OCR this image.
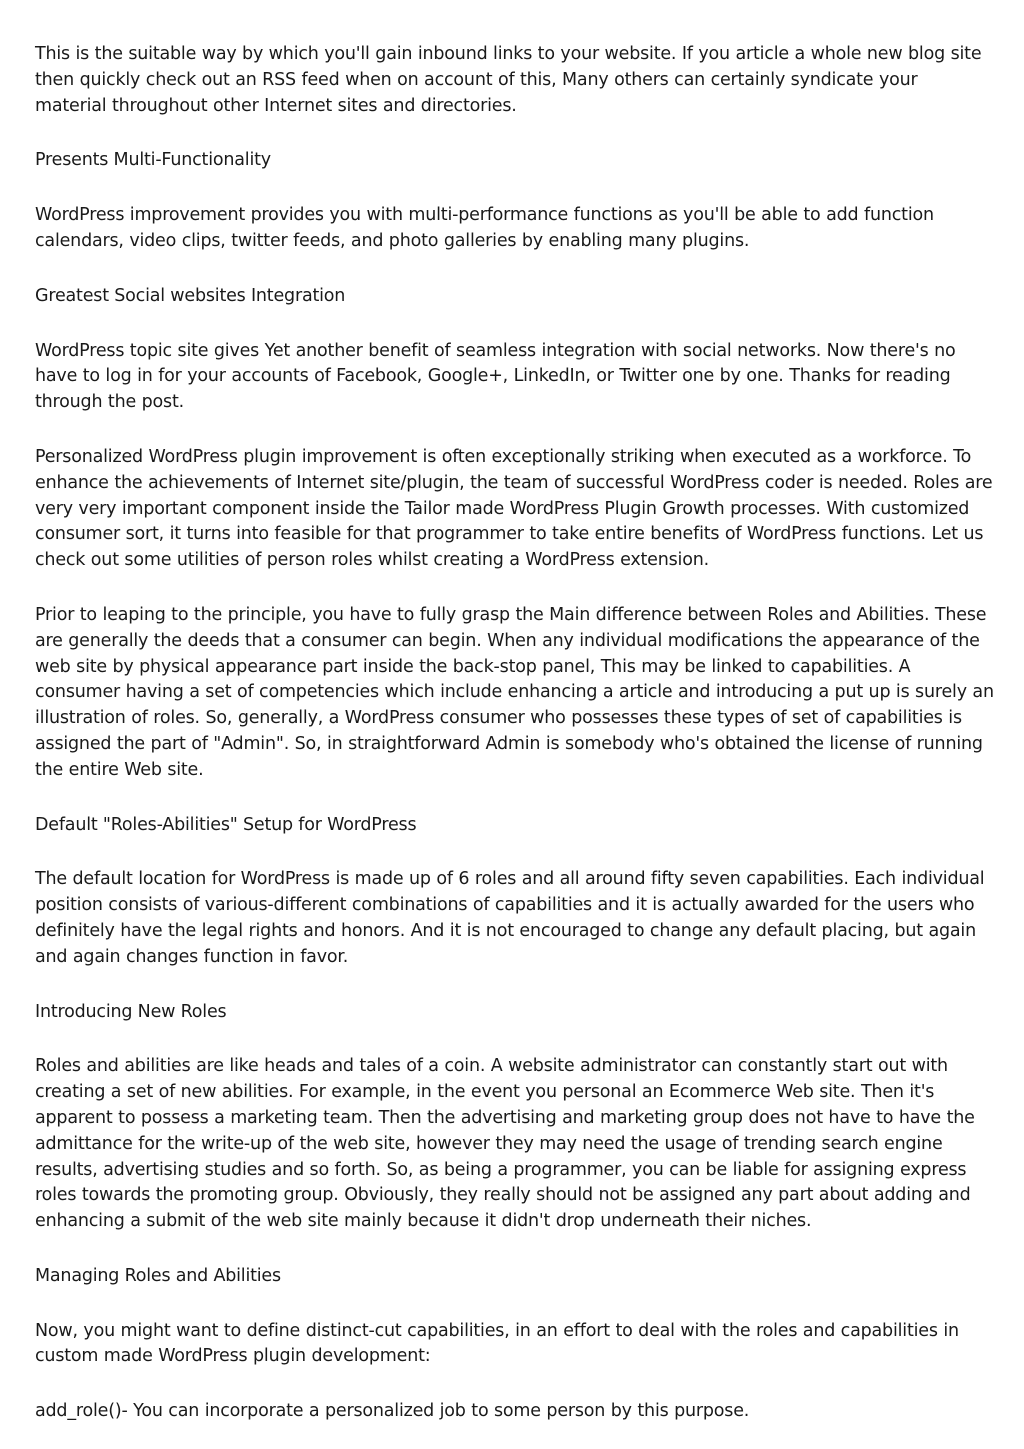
This is the suitable way by which you'll gain inbound links to your website. If you article a whole new blog site then quickly check out an RSS feed when on account of this, Many others can certainly syndicate your material throughout other Internet sites and directories.

Presents Multi-Functionality

WordPress improvement provides you with multi-performance functions as you'll be able to add function calendars, video clips, twitter feeds, and photo galleries by enabling many plugins.

Greatest Social websites Integration

WordPress topic site gives Yet another benefit of seamless integration with social networks. Now there's no have to log in for your accounts of Facebook, Google+, LinkedIn, or Twitter one by one. Thanks for reading through the post.

Personalized WordPress plugin improvement is often exceptionally striking when executed as a workforce. To enhance the achievements of Internet site/plugin, the team of successful WordPress coder is needed. Roles are very very important component inside the Tailor made WordPress Plugin Growth processes. With customized consumer sort, it turns into feasible for that programmer to take entire benefits of WordPress functions. Let us check out some utilities of person roles whilst creating a WordPress extension.

Prior to leaping to the principle, you have to fully grasp the Main difference between Roles and Abilities. These are generally the deeds that a consumer can begin. When any individual modifications the appearance of the web site by physical appearance part inside the back-stop panel, This may be linked to capabilities. A consumer having a set of competencies which include enhancing a article and introducing a put up is surely an illustration of roles. So, generally, a WordPress consumer who possesses these types of set of capabilities is assigned the part of "Admin". So, in straightforward Admin is somebody who's obtained the license of running the entire Web site.

Default "Roles-Abilities" Setup for WordPress

The default location for WordPress is made up of 6 roles and all around fifty seven capabilities. Each individual position consists of various-different combinations of capabilities and it is actually awarded for the users who definitely have the legal rights and honors. And it is not encouraged to change any default placing, but again and again changes function in favor.

Introducing New Roles

Roles and abilities are like heads and tales of a coin. A website administrator can constantly start out with creating a set of new abilities. For example, in the event you personal an Ecommerce Web site. Then it's apparent to possess a marketing team. Then the advertising and marketing group does not have to have the admittance for the write-up of the web site, however they may need the usage of trending search engine results, advertising studies and so forth. So, as being a programmer, you can be liable for assigning express roles towards the promoting group. Obviously, they really should not be assigned any part about adding and enhancing a submit of the web site mainly because it didn't drop underneath their niches.

Managing Roles and Abilities

Now, you might want to define distinct-cut capabilities, in an effort to deal with the roles and capabilities in custom made WordPress plugin development:

add_role()- You can incorporate a personalized job to some person by this purpose.
